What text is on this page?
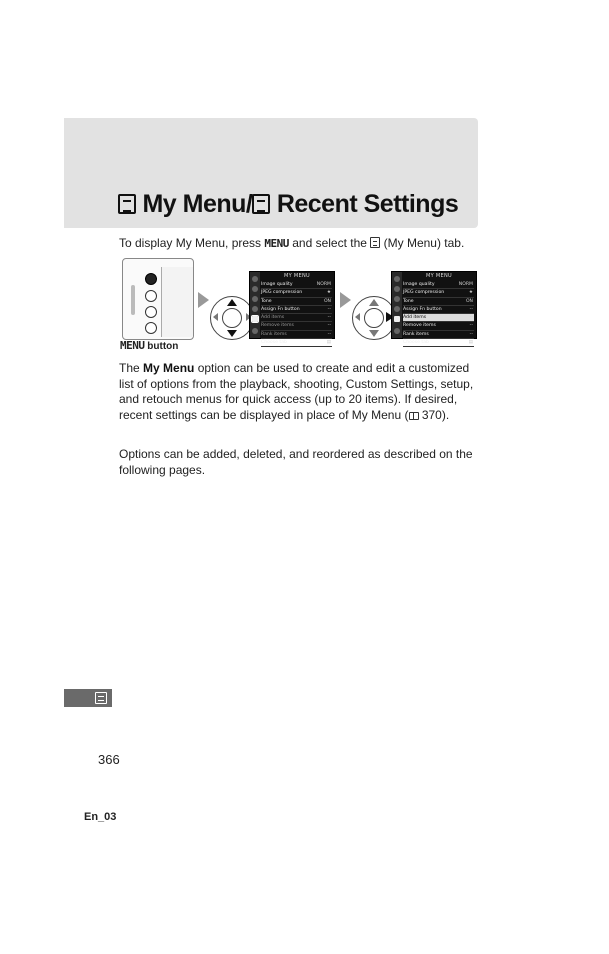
My Menu/ Recent Settings
To display My Menu, press MENU and select the  (My Menu) tab.
MENU button
MY MENU
Image quality	NORM
JPEG compression	★
Tone	ON
Assign Fn button	--
Add items	--
Remove items	--
Rank items	--
Choose tab	▤
MY MENU
Image quality	NORM
JPEG compression	★
Tone	ON
Assign Fn button	--
Add items	--
Remove items	--
Rank items	--
Choose tab	▤
The My Menu option can be used to create and edit a customized list of options from the playback, shooting, Custom Settings, setup, and retouch menus for quick access (up to 20 items). If desired, recent settings can be displayed in place of My Menu ( 370).
Options can be added, deleted, and reordered as described on the following pages.
366
En_03
